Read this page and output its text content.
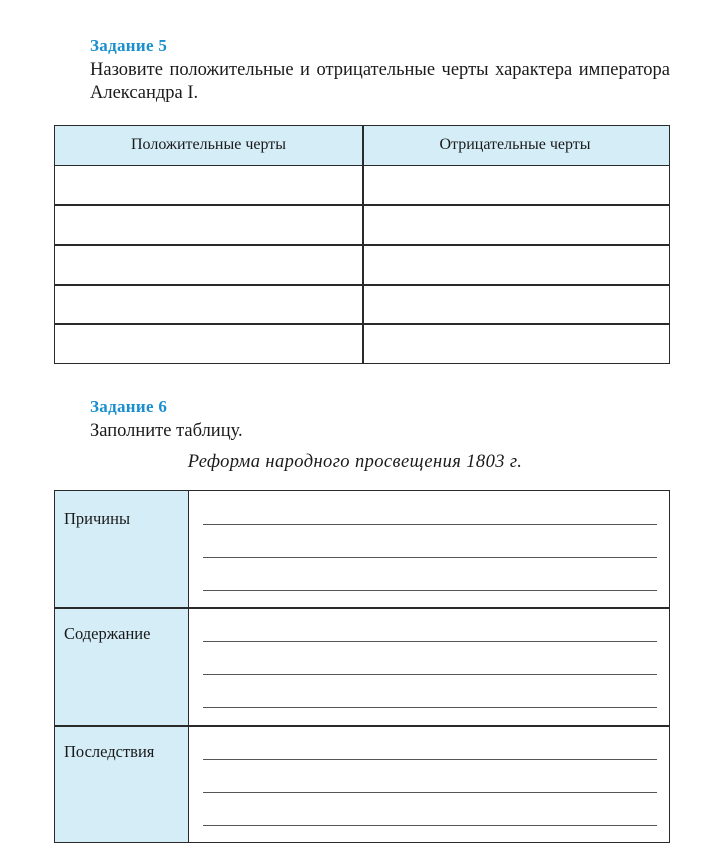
Задание 5
Назовите положительные и отрицательные черты характера императора Александра I.
Положительные черты	Отрицательные черты
Задание 6
Заполните таблицу.
Реформа народного просвещения 1803 г.
Причины
Содержание
Последствия
